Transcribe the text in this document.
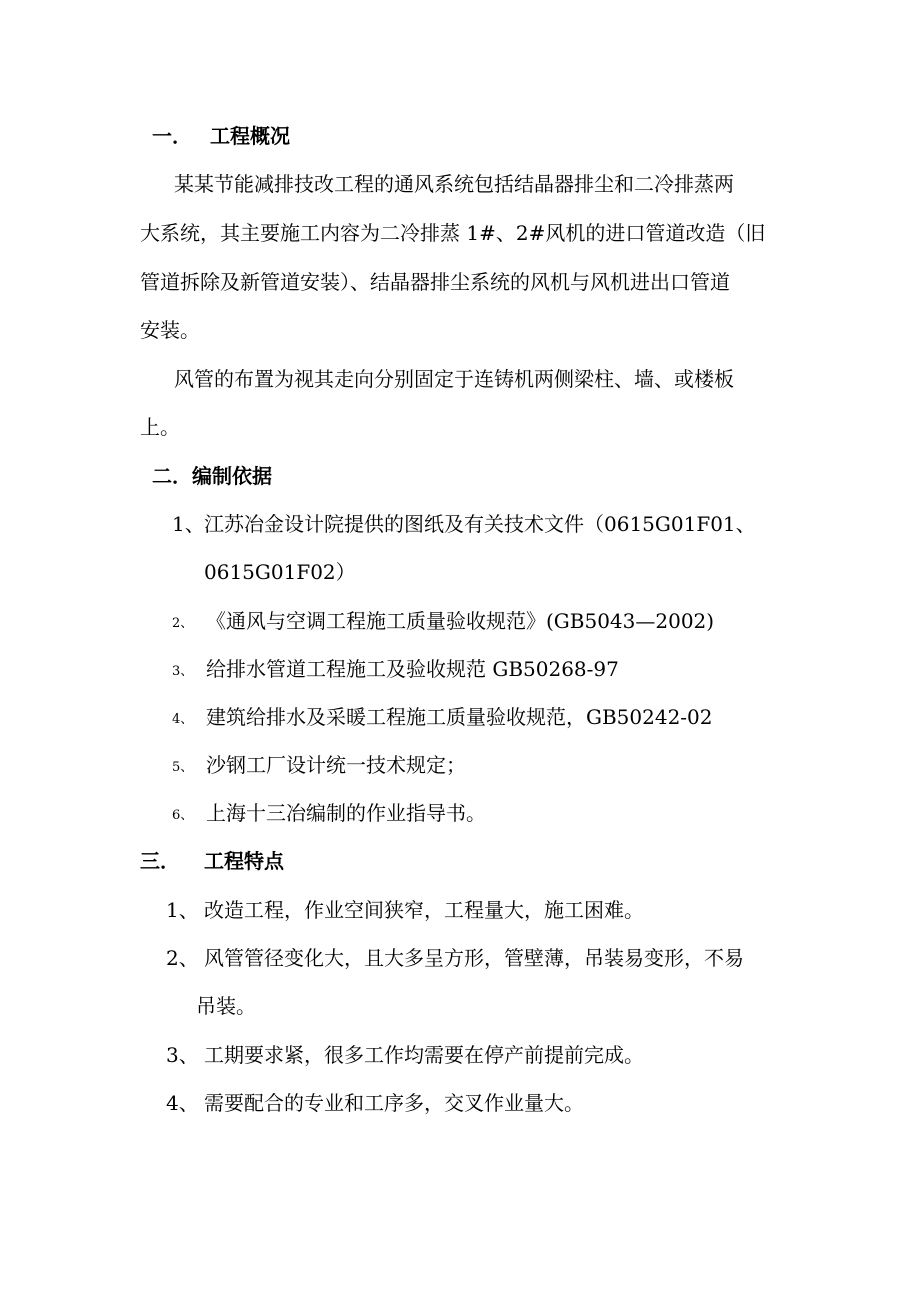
一． 工程概况
某某节能减排技改工程的通风系统包括结晶器排尘和二冷排蒸两
大系统，其主要施工内容为二冷排蒸 1#、2#风机的进口管道改造（旧
管道拆除及新管道安装）、结晶器排尘系统的风机与风机进出口管道
安装。
风管的布置为视其走向分别固定于连铸机两侧梁柱、墙、或楼板
上。
二．编制依据
1、江苏冶金设计院提供的图纸及有关技术文件（0615G01F01、
0615G01F02）
2、 《通风与空调工程施工质量验收规范》(GB5043—2002)
3、 给排水管道工程施工及验收规范 GB50268-97
4、 建筑给排水及采暖工程施工质量验收规范，GB50242-02
5、 沙钢工厂设计统一技术规定；
6、 上海十三冶编制的作业指导书。
三． 工程特点
1、 改造工程，作业空间狭窄，工程量大，施工困难。
2、 风管管径变化大，且大多呈方形，管壁薄，吊装易变形，不易
吊装。
3、 工期要求紧，很多工作均需要在停产前提前完成。
4、 需要配合的专业和工序多，交叉作业量大。
